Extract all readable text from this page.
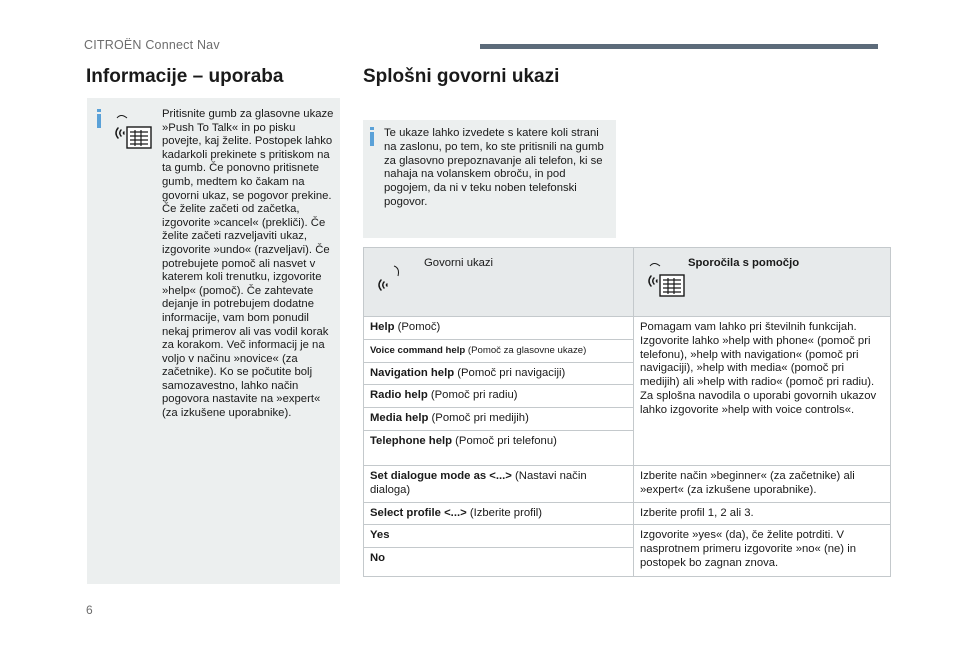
CITROËN Connect Nav
Informacije – uporaba	Splošni govorni ukazi
Pritisnite gumb za glasovne ukaze »Push To Talk« in po pisku povejte, kaj želite. Postopek lahko kadarkoli prekinete s pritiskom na ta gumb. Če ponovno pritisnete gumb, medtem ko čakam na govorni ukaz, se pogovor prekine. Če želite začeti od začetka, izgovorite »cancel« (prekliči). Če želite začeti razveljaviti ukaz, izgovorite »undo« (razveljavi). Če potrebujete pomoč ali nasvet v katerem koli trenutku, izgovorite »help« (pomoč). Če zahtevate dejanje in potrebujem dodatne informacije, vam bom ponudil nekaj primerov ali vas vodil korak za korakom. Več informacij je na voljo v načinu »novice« (za začetnike). Ko se počutite bolj samozavestno, lahko način pogovora nastavite na »expert« (za izkušene uporabnike).
Te ukaze lahko izvedete s katere koli strani na zaslonu, po tem, ko ste pritisnili na gumb za glasovno prepoznavanje ali telefon, ki se nahaja na volanskem obroču, in pod pogojem, da ni v teku noben telefonski pogovor.
Govorni ukazi	Sporočila s pomočjo

Help (Pomoč)	Pomagam vam lahko pri številnih funkcijah. Izgovorite lahko »help with phone« (pomoč pri telefonu), »help with navigation« (pomoč pri navigaciji), »help with media« (pomoč pri medijih) ali »help with radio« (pomoč pri radiu). Za splošna navodila o uporabi govornih ukazov lahko izgovorite »help with voice controls«.
Voice command help (Pomoč za glasovne ukaze)	
Navigation help (Pomoč pri navigaciji)	
Radio help (Pomoč pri radiu)	
Media help (Pomoč pri medijih)	
Telephone help (Pomoč pri telefonu)	
Set dialogue mode as <...> (Nastavi način dialoga)	Izberite način »beginner« (za začetnike) ali »expert« (za izkušene uporabnike).
Select profile <...> (Izberite profil)	Izberite profil 1, 2 ali 3.
Yes	Izgovorite »yes« (da), če želite potrditi. V nasprotnem primeru izgovorite »no« (ne) in postopek bo zagnan znova.
No	
6
